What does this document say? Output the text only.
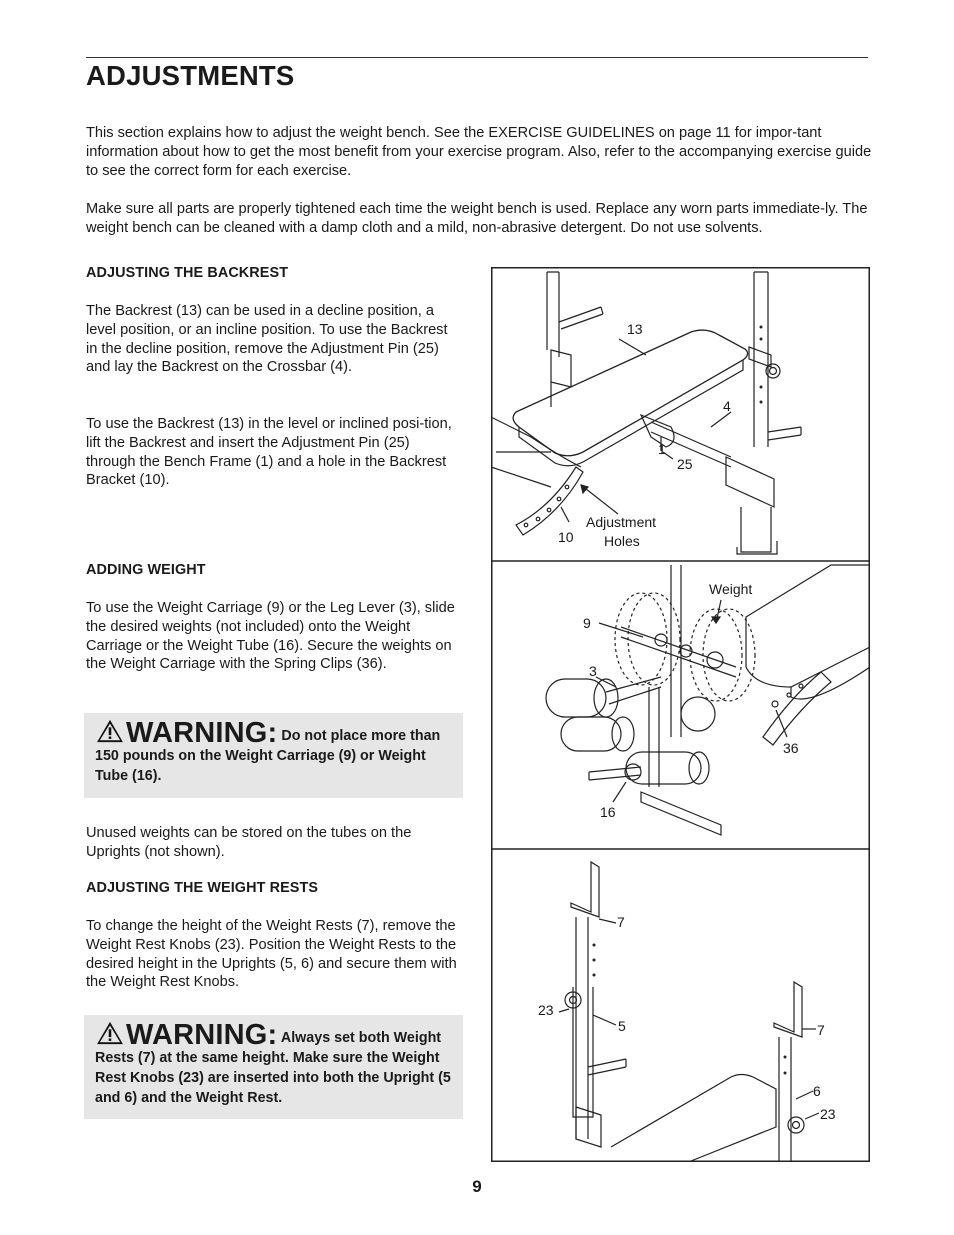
ADJUSTMENTS

This section explains how to adjust the weight bench. See the EXERCISE GUIDELINES on page 11 for impor-tant information about how to get the most benefit from your exercise program. Also, refer to the accompanying exercise guide to see the correct form for each exercise.

Make sure all parts are properly tightened each time the weight bench is used. Replace any worn parts immediate-ly. The weight bench can be cleaned with a damp cloth and a mild, non-abrasive detergent. Do not use solvents.

ADJUSTING THE BACKREST

The Backrest (13) can be used in a decline position, a level position, or an incline position. To use the Backrest in the decline position, remove the Adjustment Pin (25) and lay the Backrest on the Crossbar (4).

To use the Backrest (13) in the level or inclined posi-tion, lift the Backrest and insert the Adjustment Pin (25) through the Bench Frame (1) and a hole in the Backrest Bracket (10).

ADDING WEIGHT

To use the Weight Carriage (9) or the Leg Lever (3), slide the desired weights (not included) onto the Weight Carriage or the Weight Tube (16). Secure the weights on the Weight Carriage with the Spring Clips (36).

WARNING: Do not place more than 150 pounds on the Weight Carriage (9) or Weight Tube (16).

Unused weights can be stored on the tubes on the Uprights (not shown).

ADJUSTING THE WEIGHT RESTS

To change the height of the Weight Rests (7), remove the Weight Rest Knobs (23). Position the Weight Rests to the desired height in the Uprights (5, 6) and secure them with the Weight Rest Knobs.

WARNING: Always set both Weight Rests (7) at the same height. Make sure the Weight Rest Knobs (23) are inserted into both the Upright (5 and 6) and the Weight Rest.
13
4
1
25
10
Adjustment
Holes
Weight
9
3
36
16
7
23
5	7
6
23
9
